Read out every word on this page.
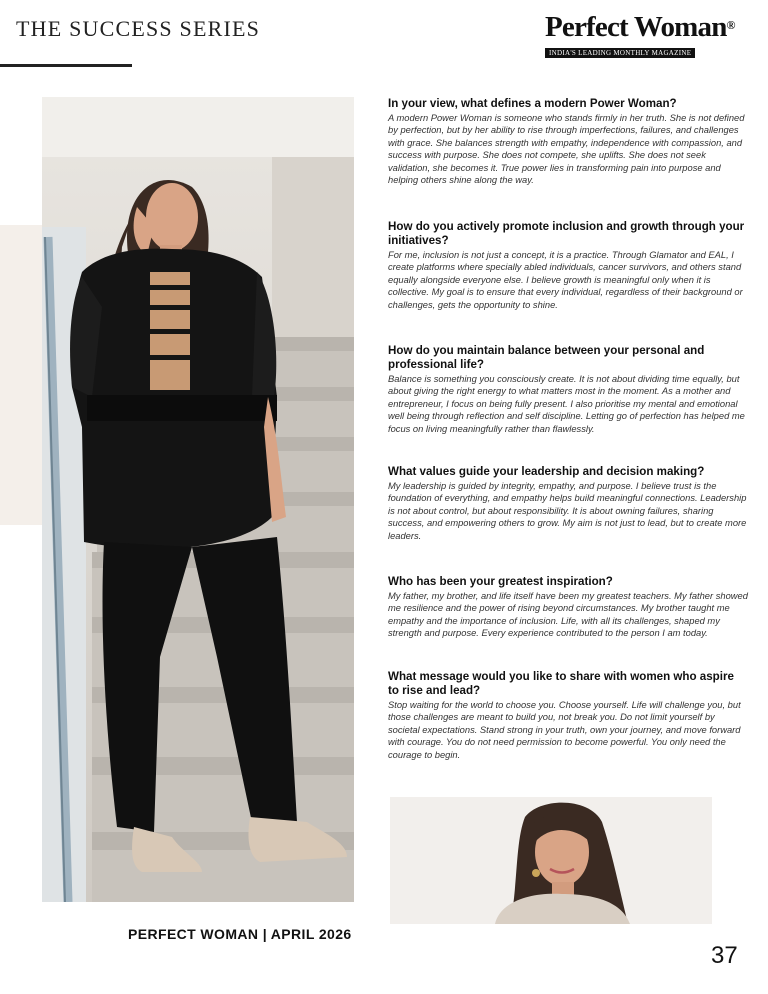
THE SUCCESS SERIES	Perfect Woman®
INDIA'S LEADING MONTHLY MAGAZINE
In your view, what defines a modern Power Woman?
A modern Power Woman is someone who stands firmly in her truth. She is not defined by perfection, but by her ability to rise through imperfections, failures, and challenges with grace. She balances strength with empathy, independence with compassion, and success with purpose. She does not compete, she uplifts. She does not seek validation, she becomes it. True power lies in transforming pain into purpose and helping others shine along the way.
How do you actively promote inclusion and growth through your initiatives?
For me, inclusion is not just a concept, it is a practice. Through Glamator and EAL, I create platforms where specially abled individuals, cancer survivors, and others stand equally alongside everyone else. I believe growth is meaningful only when it is collective. My goal is to ensure that every individual, regardless of their background or challenges, gets the opportunity to shine.
How do you maintain balance between your personal and professional life?
Balance is something you consciously create. It is not about dividing time equally, but about giving the right energy to what matters most in the moment. As a mother and entrepreneur, I focus on being fully present. I also prioritise my mental and emotional well being through reflection and self discipline. Letting go of perfection has helped me focus on living meaningfully rather than flawlessly.
What values guide your leadership and decision making?
My leadership is guided by integrity, empathy, and purpose. I believe trust is the foundation of everything, and empathy helps build meaningful connections. Leadership is not about control, but about responsibility. It is about owning failures, sharing success, and empowering others to grow. My aim is not just to lead, but to create more leaders.
Who has been your greatest inspiration?
My father, my brother, and life itself have been my greatest teachers. My father showed me resilience and the power of rising beyond circumstances. My brother taught me empathy and the importance of inclusion. Life, with all its challenges, shaped my strength and purpose. Every experience contributed to the person I am today.
What message would you like to share with women who aspire to rise and lead?
Stop waiting for the world to choose you. Choose yourself. Life will challenge you, but those challenges are meant to build you, not break you. Do not limit yourself by societal expectations. Stand strong in your truth, own your journey, and move forward with courage. You do not need permission to become powerful. You only need the courage to begin.
PERFECT WOMAN | APRIL 2026
37
